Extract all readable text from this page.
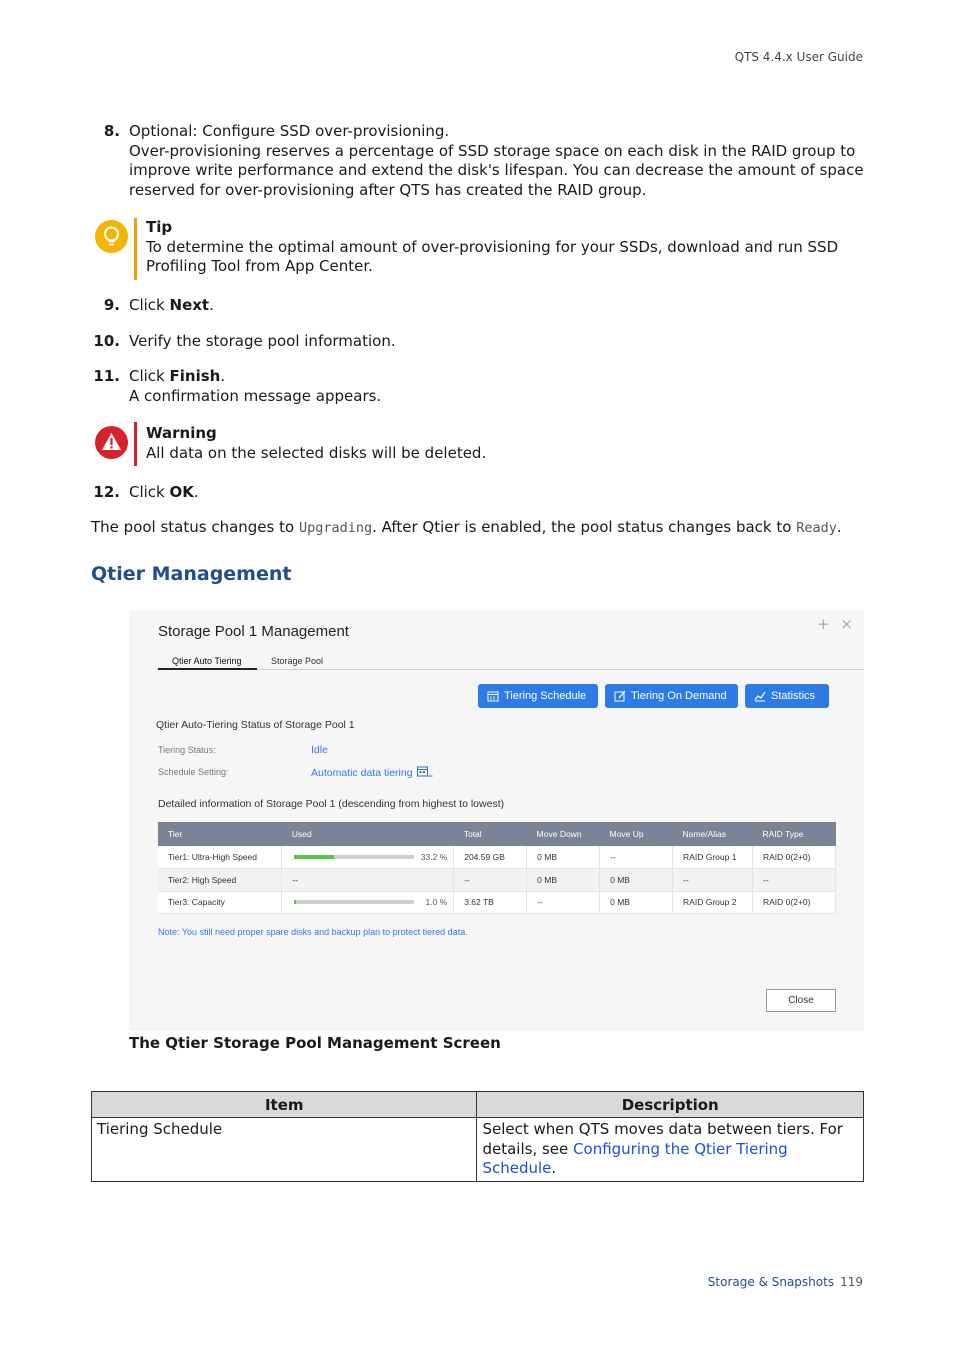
QTS 4.4.x User Guide
8. Optional: Configure SSD over-provisioning.

Over-provisioning reserves a percentage of SSD storage space on each disk in the RAID group to

improve write performance and extend the disk's lifespan. You can decrease the amount of space

reserved for over-provisioning after QTS has created the RAID group.

Tip

To determine the optimal amount of over-provisioning for your SSDs, download and run SSD

Profiling Tool from App Center.

9. Click Next.
10. Verify the storage pool information.
11. Click Finish.

A confirmation message appears.

Warning

All data on the selected disks will be deleted.

12. Click OK.
The pool status changes to Upgrading. After Qtier is enabled, the pool status changes back to Ready.
Qtier Management
Storage Pool 1 Management	+ ×
Qtier Auto Tiering	Storage Pool
Tiering Schedule	Tiering On Demand	Statistics
Qtier Auto-Tiering Status of Storage Pool 1
Tiering Status:	Idle
Schedule Setting:	Automatic data tiering
Detailed information of Storage Pool 1 (descending from highest to lowest)
Tier	Used	Total	Move Down	Move Up	Name/Alias	RAID Type
Tier1: Ultra-High Speed	33.2 %	204.59 GB	0 MB	--	RAID Group 1	RAID 0(2+0)
Tier2: High Speed	--	--	0 MB	0 MB	--	--
Tier3: Capacity	1.0 %	3.62 TB	--	0 MB	RAID Group 2	RAID 0(2+0)
Note: You still need proper spare disks and backup plan to protect tiered data.
Close
The Qtier Storage Pool Management Screen
Item	Description
Tiering Schedule	Select when QTS moves data between tiers. For

details, see Configuring the Qtier Tiering Schedule.

Storage & Snapshots 119
